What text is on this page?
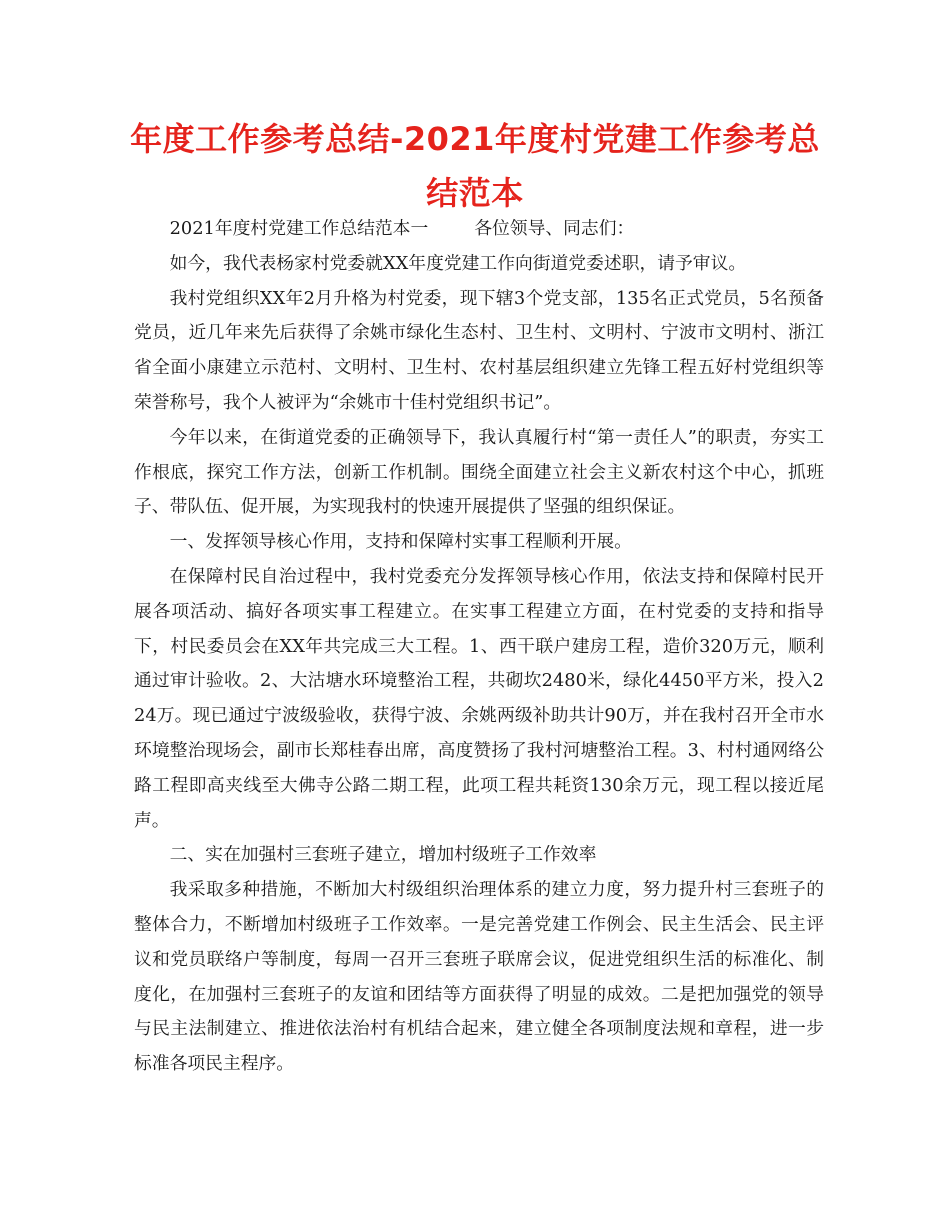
年度工作参考总结-2021年度村党建工作参考总结范本

2021年度村党建工作总结范本一	各位领导、同志们：

如今，我代表杨家村党委就XX年度党建工作向街道党委述职，请予审议。

我村党组织XX年2月升格为村党委，现下辖3个党支部，135名正式党员，5名预备党员，近几年来先后获得了余姚市绿化生态村、卫生村、文明村、宁波市文明村、浙江省全面小康建立示范村、文明村、卫生村、农村基层组织建立先锋工程五好村党组织等荣誉称号，我个人被评为“余姚市十佳村党组织书记”。

今年以来，在街道党委的正确领导下，我认真履行村“第一责任人”的职责，夯实工作根底，探究工作方法，创新工作机制。围绕全面建立社会主义新农村这个中心，抓班子、带队伍、促开展，为实现我村的快速开展提供了坚强的组织保证。

一、发挥领导核心作用，支持和保障村实事工程顺利开展。

在保障村民自治过程中，我村党委充分发挥领导核心作用，依法支持和保障村民开展各项活动、搞好各项实事工程建立。在实事工程建立方面，在村党委的支持和指导下，村民委员会在XX年共完成三大工程。1、西干联户建房工程，造价320万元，顺利通过审计验收。2、大沽塘水环境整治工程，共砌坎2480米，绿化4450平方米，投入224万。现已通过宁波级验收，获得宁波、余姚两级补助共计90万，并在我村召开全市水环境整治现场会，副市长郑桂春出席，高度赞扬了我村河塘整治工程。3、村村通网络公路工程即高夹线至大佛寺公路二期工程，此项工程共耗资130余万元，现工程以接近尾声。

二、实在加强村三套班子建立，增加村级班子工作效率

我采取多种措施，不断加大村级组织治理体系的建立力度，努力提升村三套班子的整体合力，不断增加村级班子工作效率。一是完善党建工作例会、民主生活会、民主评议和党员联络户等制度，每周一召开三套班子联席会议，促进党组织生活的标准化、制度化，在加强村三套班子的友谊和团结等方面获得了明显的成效。二是把加强党的领导与民主法制建立、推进依法治村有机结合起来，建立健全各项制度法规和章程，进一步标准各项民主程序。
